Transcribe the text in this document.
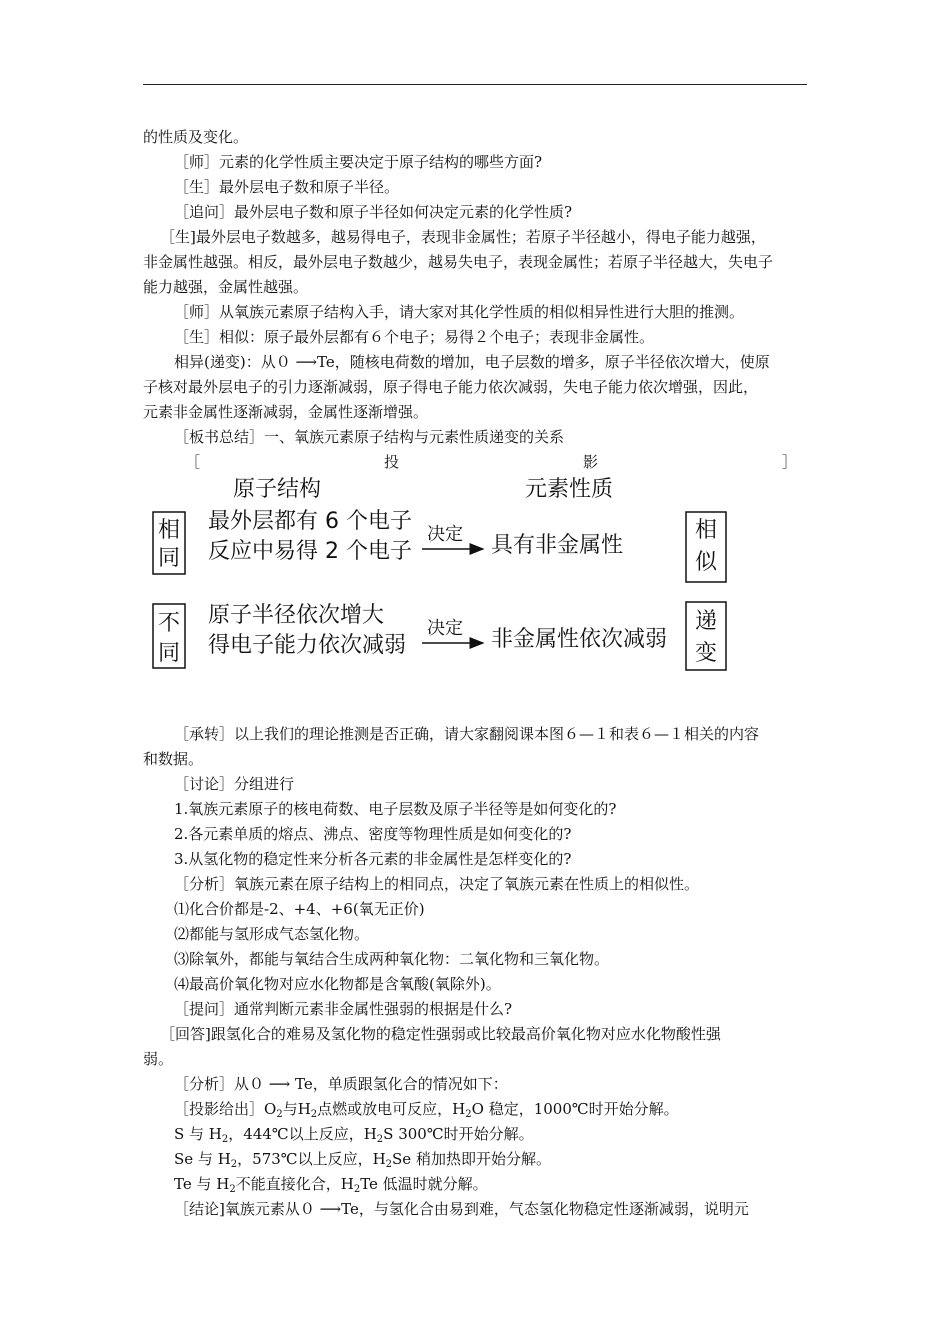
的性质及变化。
［师］元素的化学性质主要决定于原子结构的哪些方面?
［生］最外层电子数和原子半径。
［追问］最外层电子数和原子半径如何决定元素的化学性质?
［生]最外层电子数越多，越易得电子，表现非金属性；若原子半径越小，得电子能力越强，
非金属性越强。相反，最外层电子数越少，越易失电子，表现金属性；若原子半径越大，失电子
能力越强，金属性越强。
［师］从氧族元素原子结构入手，请大家对其化学性质的相似相异性进行大胆的推测。
［生］相似：原子最外层都有６个电子；易得２个电子；表现非金属性。
相异(递变)：从０ ⟶Te，随核电荷数的增加，电子层数的增多，原子半径依次增大，使原
子核对最外层电子的引力逐渐减弱，原子得电子能力依次减弱，失电子能力依次增强，因此，
元素非金属性逐渐减弱，金属性逐渐增强。
［板书总结］一、氧族元素原子结构与元素性质递变的关系
［	投	影	］
原子结构	元素性质
相
同
最外层都有 6 个电子
反应中易得 2 个电子
决定 具有非金属性
相
似
不
同
原子半径依次增大
得电子能力依次减弱
决定 非金属性依次减弱
递
变
［承转］以上我们的理论推测是否正确，请大家翻阅课本图６—１和表６—１相关的内容
和数据。
［讨论］分组进行
1.氧族元素原子的核电荷数、电子层数及原子半径等是如何变化的?
2.各元素单质的熔点、沸点、密度等物理性质是如何变化的?
3.从氢化物的稳定性来分析各元素的非金属性是怎样变化的?
［分析］氧族元素在原子结构上的相同点，决定了氧族元素在性质上的相似性。
⑴化合价都是-2、+4、+6(氧无正价)
⑵都能与氢形成气态氢化物。
⑶除氧外，都能与氧结合生成两种氧化物：二氧化物和三氧化物。
⑷最高价氧化物对应水化物都是含氧酸(氧除外)。
［提问］通常判断元素非金属性强弱的根据是什么?
［回答]跟氢化合的难易及氢化物的稳定性强弱或比较最高价氧化物对应水化物酸性强
弱。
［分析］从０ ⟶ Te，单质跟氢化合的情况如下：
［投影给出$]O_2$与$H_2$点燃或放电可反应，$H_2O$ 稳定，1000℃时开始分解。
S 与 $H_2$，444℃以上反应，$H_2S$ 300℃时开始分解。
Se 与 $H_2$，573℃以上反应，$H_2Se$ 稍加热即开始分解。
Te 与 $H_2$不能直接化合，$H_2Te$ 低温时就分解。
［结论]氧族元素从０ ⟶Te，与氢化合由易到难，气态氢化物稳定性逐渐减弱，说明元
